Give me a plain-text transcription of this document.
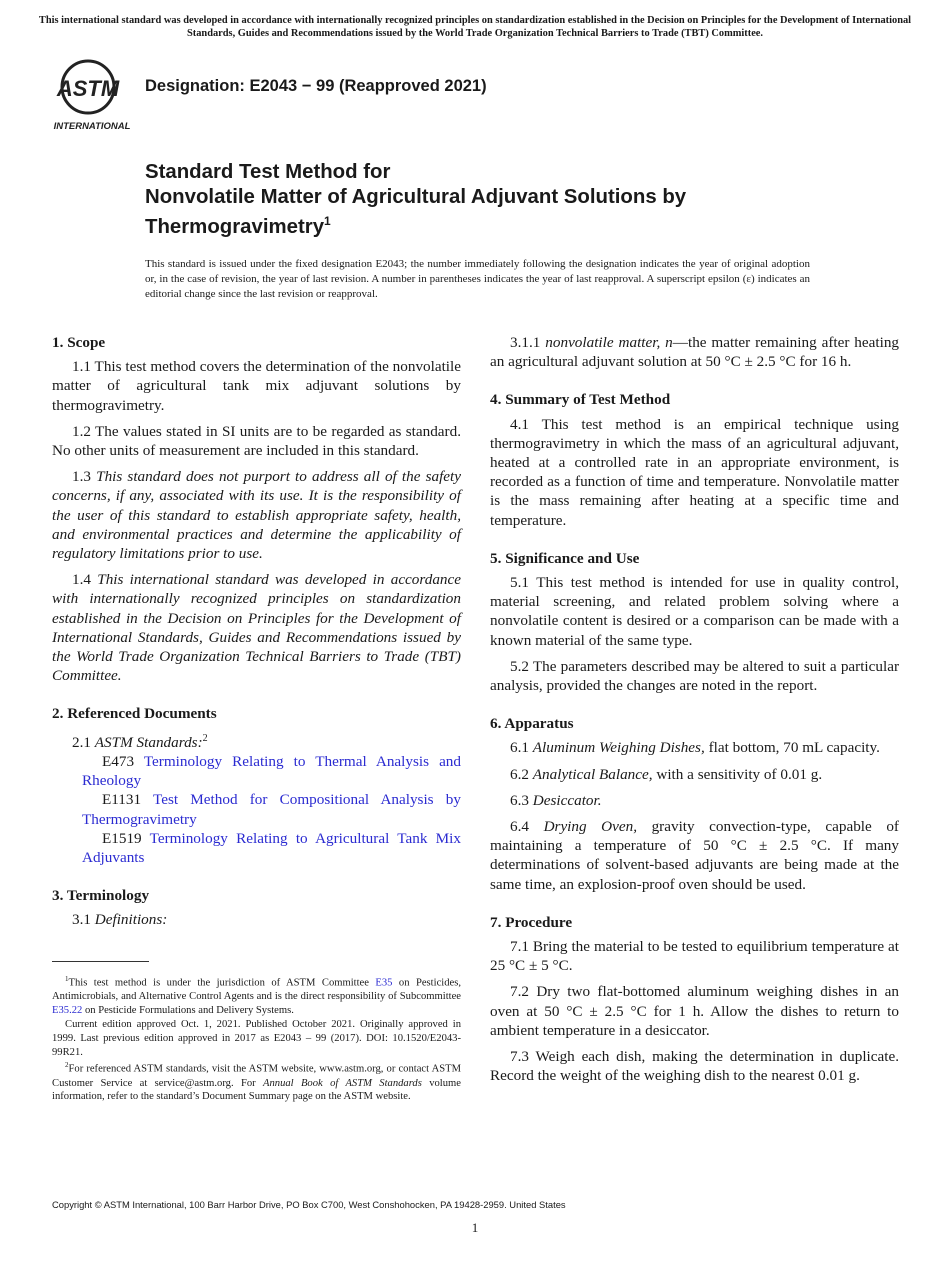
This international standard was developed in accordance with internationally recognized principles on standardization established in the Decision on Principles for the Development of International Standards, Guides and Recommendations issued by the World Trade Organization Technical Barriers to Trade (TBT) Committee.
ASTM
INTERNATIONAL
Designation: E2043 − 99 (Reapproved 2021)
Standard Test Method for
Nonvolatile Matter of Agricultural Adjuvant Solutions by
Thermogravimetry$^1$
This standard is issued under the fixed designation E2043; the number immediately following the designation indicates the year of original adoption or, in the case of revision, the year of last revision. A number in parentheses indicates the year of last reapproval. A superscript epsilon (ε) indicates an editorial change since the last revision or reapproval.
1. Scope

1.1 This test method covers the determination of the nonvolatile matter of agricultural tank mix adjuvant solutions by thermogravimetry.

1.2 The values stated in SI units are to be regarded as standard. No other units of measurement are included in this standard.

1.3 This standard does not purport to address all of the safety concerns, if any, associated with its use. It is the responsibility of the user of this standard to establish appropriate safety, health, and environmental practices and determine the applicability of regulatory limitations prior to use.

1.4 This international standard was developed in accordance with internationally recognized principles on standardization established in the Decision on Principles for the Development of International Standards, Guides and Recommendations issued by the World Trade Organization Technical Barriers to Trade (TBT) Committee.

2. Referenced Documents

2.1 ASTM Standards:$^2$

E473 Terminology Relating to Thermal Analysis and Rheology

E1131 Test Method for Compositional Analysis by Thermogravimetry

E1519 Terminology Relating to Agricultural Tank Mix Adjuvants

3. Terminology

3.1 Definitions:

$^1$This test method is under the jurisdiction of ASTM Committee E35 on Pesticides, Antimicrobials, and Alternative Control Agents and is the direct responsibility of Subcommittee E35.22 on Pesticide Formulations and Delivery Systems.

Current edition approved Oct. 1, 2021. Published October 2021. Originally approved in 1999. Last previous edition approved in 2017 as E2043 – 99 (2017). DOI: 10.1520/E2043-99R21.

$^2$For referenced ASTM standards, visit the ASTM website, www.astm.org, or contact ASTM Customer Service at service@astm.org. For Annual Book of ASTM Standards volume information, refer to the standard’s Document Summary page on the ASTM website.

3.1.1 nonvolatile matter, n—the matter remaining after heating an agricultural adjuvant solution at 50 °C ± 2.5 °C for 16 h.

4. Summary of Test Method

4.1 This test method is an empirical technique using thermogravimetry in which the mass of an agricultural adjuvant, heated at a controlled rate in an appropriate environment, is recorded as a function of time and temperature. Nonvolatile matter is the mass remaining after heating at a specific time and temperature.

5. Significance and Use

5.1 This test method is intended for use in quality control, material screening, and related problem solving where a nonvolatile content is desired or a comparison can be made with a known material of the same type.

5.2 The parameters described may be altered to suit a particular analysis, provided the changes are noted in the report.

6. Apparatus

6.1 Aluminum Weighing Dishes, flat bottom, 70 mL capacity.

6.2 Analytical Balance, with a sensitivity of 0.01 g.

6.3 Desiccator.

6.4 Drying Oven, gravity convection-type, capable of maintaining a temperature of 50 °C ± 2.5 °C. If many determinations of solvent-based adjuvants are being made at the same time, an explosion-proof oven should be used.

7. Procedure

7.1 Bring the material to be tested to equilibrium temperature at 25 °C ± 5 °C.

7.2 Dry two flat-bottomed aluminum weighing dishes in an oven at 50 °C ± 2.5 °C for 1 h. Allow the dishes to return to ambient temperature in a desiccator.

7.3 Weigh each dish, making the determination in duplicate. Record the weight of the weighing dish to the nearest 0.01 g.

Copyright © ASTM International, 100 Barr Harbor Drive, PO Box C700, West Conshohocken, PA 19428-2959. United States
1
